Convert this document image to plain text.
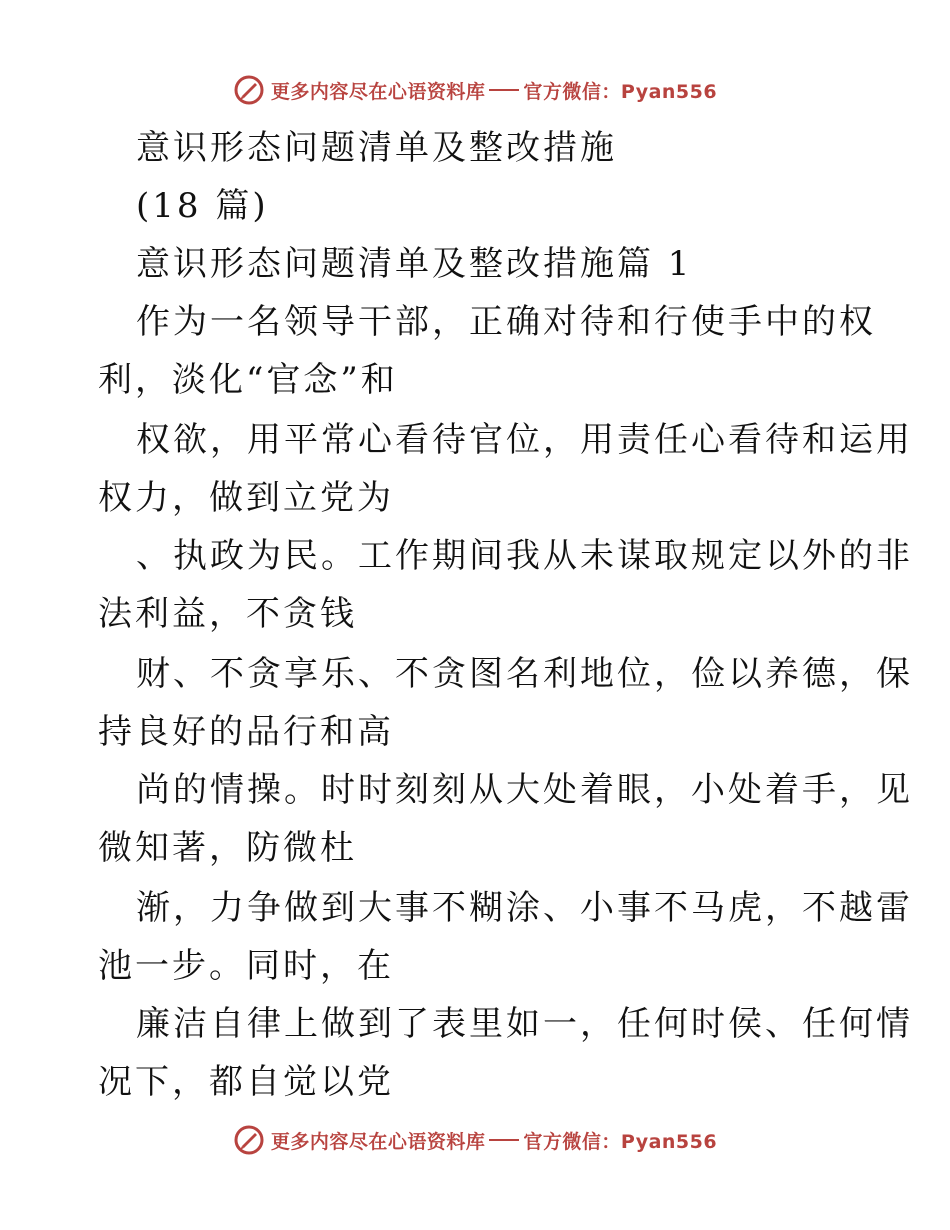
更多内容尽在心语资料库 官方微信：Pyan556
意识形态问题清单及整改措施
(18 篇)
意识形态问题清单及整改措施篇 1
作为一名领导干部，正确对待和行使手中的权
利，淡化“官念”和
权欲，用平常心看待官位，用责任心看待和运用
权力，做到立党为
、执政为民。工作期间我从未谋取规定以外的非
法利益，不贪钱
财、不贪享乐、不贪图名利地位，俭以养德，保
持良好的品行和高
尚的情操。时时刻刻从大处着眼，小处着手，见
微知著，防微杜
渐，力争做到大事不糊涂、小事不马虎，不越雷
池一步。同时，在
廉洁自律上做到了表里如一，任何时侯、任何情
况下，都自觉以党
更多内容尽在心语资料库 官方微信：Pyan556
